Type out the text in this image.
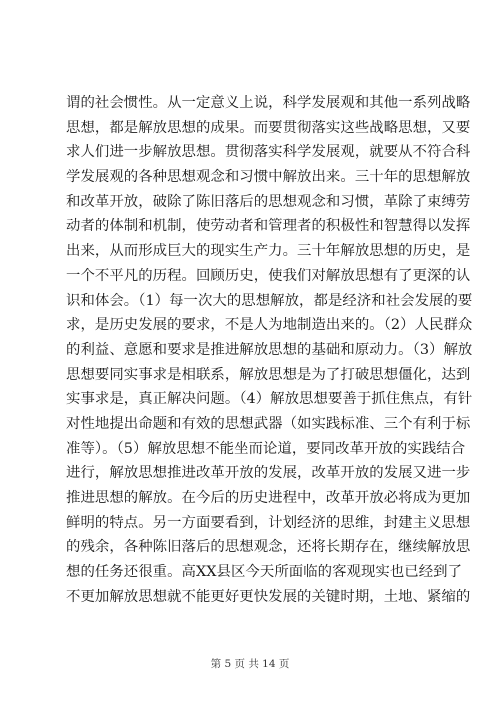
谓的社会惯性。从一定意义上说，科学发展观和其他一系列战略
思想，都是解放思想的成果。而要贯彻落实这些战略思想，又要
求人们进一步解放思想。贯彻落实科学发展观，就要从不符合科
学发展观的各种思想观念和习惯中解放出来。三十年的思想解放
和改革开放，破除了陈旧落后的思想观念和习惯，革除了束缚劳
动者的体制和机制，使劳动者和管理者的积极性和智慧得以发挥
出来，从而形成巨大的现实生产力。三十年解放思想的历史，是
一个不平凡的历程。回顾历史，使我们对解放思想有了更深的认
识和体会。（1）每一次大的思想解放，都是经济和社会发展的要
求，是历史发展的要求，不是人为地制造出来的。（2）人民群众
的利益、意愿和要求是推进解放思想的基础和原动力。（3）解放
思想要同实事求是相联系，解放思想是为了打破思想僵化，达到
实事求是，真正解决问题。（4）解放思想要善于抓住焦点，有针
对性地提出命题和有效的思想武器（如实践标准、三个有利于标
准等）。（5）解放思想不能坐而论道，要同改革开放的实践结合
进行，解放思想推进改革开放的发展，改革开放的发展又进一步
推进思想的解放。在今后的历史进程中，改革开放必将成为更加
鲜明的特点。另一方面要看到，计划经济的思维，封建主义思想
的残余，各种陈旧落后的思想观念，还将长期存在，继续解放思
想的任务还很重。高XX县区今天所面临的客观现实也已经到了
不更加解放思想就不能更好更快发展的关键时期，土地、紧缩的
第 5 页 共 14 页
